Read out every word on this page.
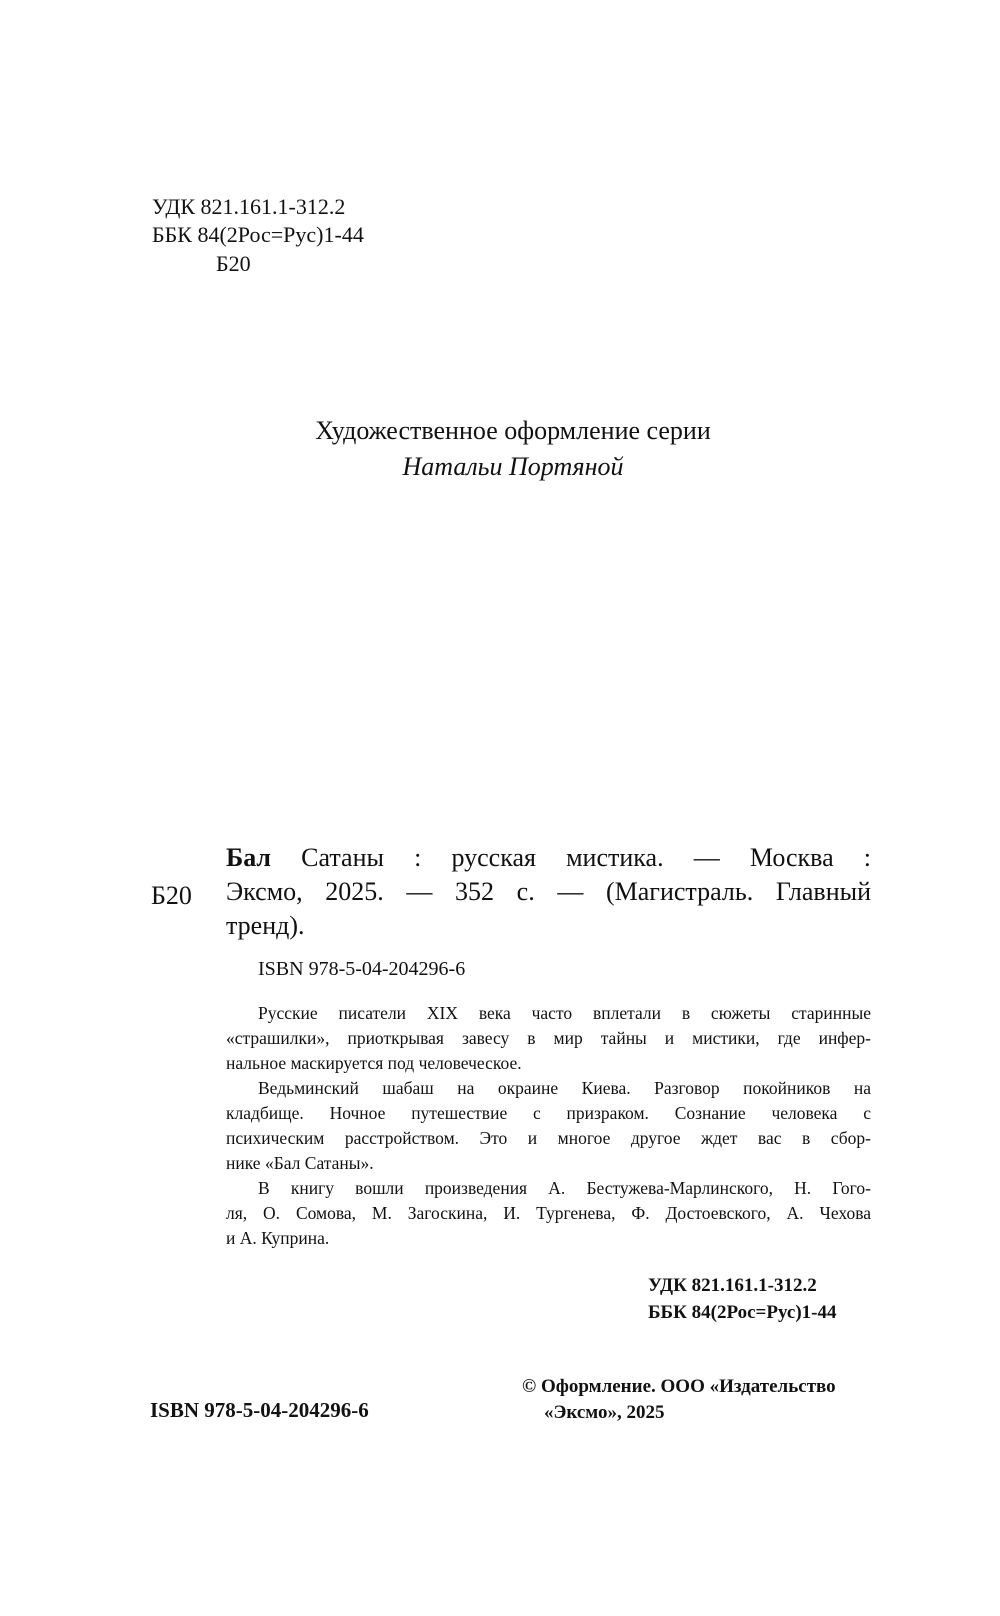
УДК 821.161.1-312.2
ББК 84(2Рос=Рус)1-44
Б20
Художественное оформление серии
Натальи Портяной
Б20
Бал Сатаны : русская мистика. — Москва :
Эксмо, 2025. — 352 с. — (Магистраль. Главный
тренд).
ISBN 978-5-04-204296-6
Русские писатели XIX века часто вплетали в сюжеты старинные
«страшилки», приоткрывая завесу в мир тайны и мистики, где инфер-
нальное маскируется под человеческое.
Ведьминский шабаш на окраине Киева. Разговор покойников на
кладбище. Ночное путешествие с призраком. Сознание человека с
психическим расстройством. Это и многое другое ждет вас в сбор-
нике «Бал Сатаны».
В книгу вошли произведения А. Бестужева-Марлинского, Н. Гого-
ля, О. Сомова, М. Загоскина, И. Тургенева, Ф. Достоевского, А. Чехова
и А. Куприна.
УДК 821.161.1-312.2
ББК 84(2Рос=Рус)1-44
ISBN 978-5-04-204296-6
© Оформление. ООО «Издательство
«Эксмо», 2025
